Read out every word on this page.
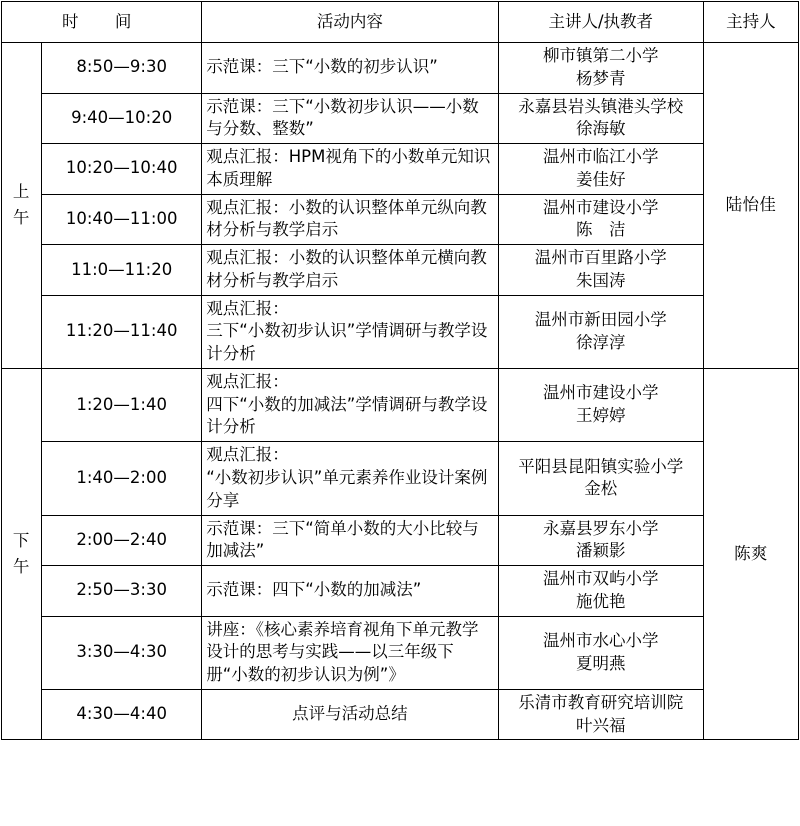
时　间		活动内容	主讲人/执教者	主持人

上
午	8:50—9:30	示范课：三下“小数的初步认识”	柳市镇第二小学
杨梦青	陆怡佳
	9:40—10:20	示范课：三下“小数初步认识——小数与分数、整数”	永嘉县岩头镇港头学校
徐海敏	

	10:20—10:40	观点汇报：HPM视角下的小数单元知识本质理解	温州市临江小学
姜佳好	

	10:40—11:00	观点汇报：小数的认识整体单元纵向教材分析与教学启示	温州市建设小学
陈　洁	

	11:0—11:20	观点汇报：小数的认识整体单元横向教材分析与教学启示	温州市百里路小学
朱国涛	

	11:20—11:40	观点汇报：
三下“小数初步认识”学情调研与教学设计分析	温州市新田园小学
徐淳淳	

下
午	1:20—1:40	观点汇报：
四下“小数的加减法”学情调研与教学设计分析	温州市建设小学
王婷婷	陈爽
	1:40—2:00	观点汇报：
“小数初步认识”单元素养作业设计案例分享	平阳县昆阳镇实验小学
金松	

	2:00—2:40	示范课：三下“简单小数的大小比较与加减法”	永嘉县罗东小学
潘颖影	

	2:50—3:30	示范课：四下“小数的加减法”	温州市双屿小学
施优艳	

	3:30—4:30	讲座：《核心素养培育视角下单元教学设计的思考与实践——以三年级下册“小数的初步认识为例”》	温州市水心小学
夏明燕	

	4:30—4:40	点评与活动总结	乐清市教育研究培训院
叶兴福	
